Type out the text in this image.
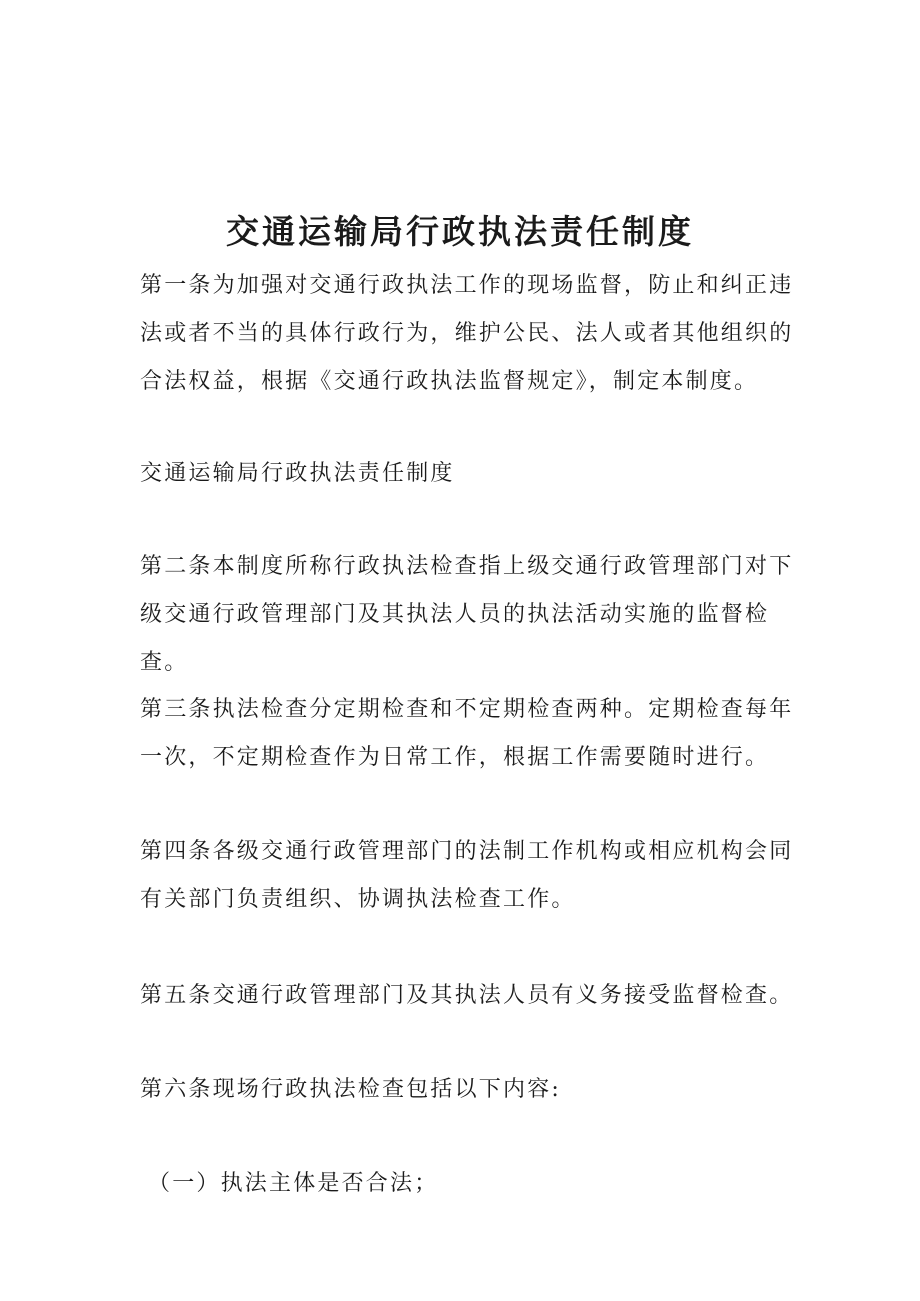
交通运输局行政执法责任制度

第一条为加强对交通行政执法工作的现场监督，防止和纠正违法或者不当的具体行政行为，维护公民、法人或者其他组织的合法权益，根据《交通行政执法监督规定》，制定本制度。

交通运输局行政执法责任制度

第二条本制度所称行政执法检查指上级交通行政管理部门对下级交通行政管理部门及其执法人员的执法活动实施的监督检查。

第三条执法检查分定期检查和不定期检查两种。定期检查每年一次，不定期检查作为日常工作，根据工作需要随时进行。

第四条各级交通行政管理部门的法制工作机构或相应机构会同有关部门负责组织、协调执法检查工作。

第五条交通行政管理部门及其执法人员有义务接受监督检查。

第六条现场行政执法检查包括以下内容:

（一）执法主体是否合法；
